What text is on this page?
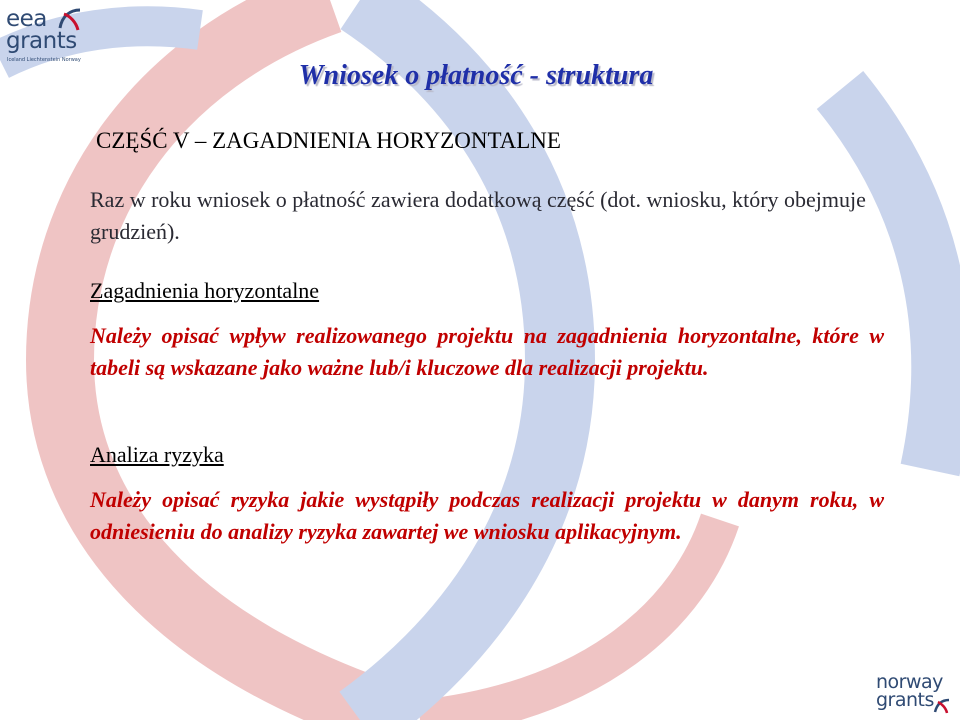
eea
grants
Iceland Liechtenstein Norway	Wniosek o płatność - struktura

CZĘŚĆ V – ZAGADNIENIA HORYZONTALNE

Raz w roku wniosek o płatność zawiera dodatkową część (dot. wniosku, który obejmuje grudzień).

Zagadnienia horyzontalne

Należy opisać wpływ realizowanego projektu na zagadnienia horyzontalne, które w tabeli są wskazane jako ważne lub/i kluczowe dla realizacji projektu.

Analiza ryzyka

Należy opisać ryzyka jakie wystąpiły podczas realizacji projektu w danym roku, w odniesieniu do analizy ryzyka zawartej we wniosku aplikacyjnym.

norway
grants
